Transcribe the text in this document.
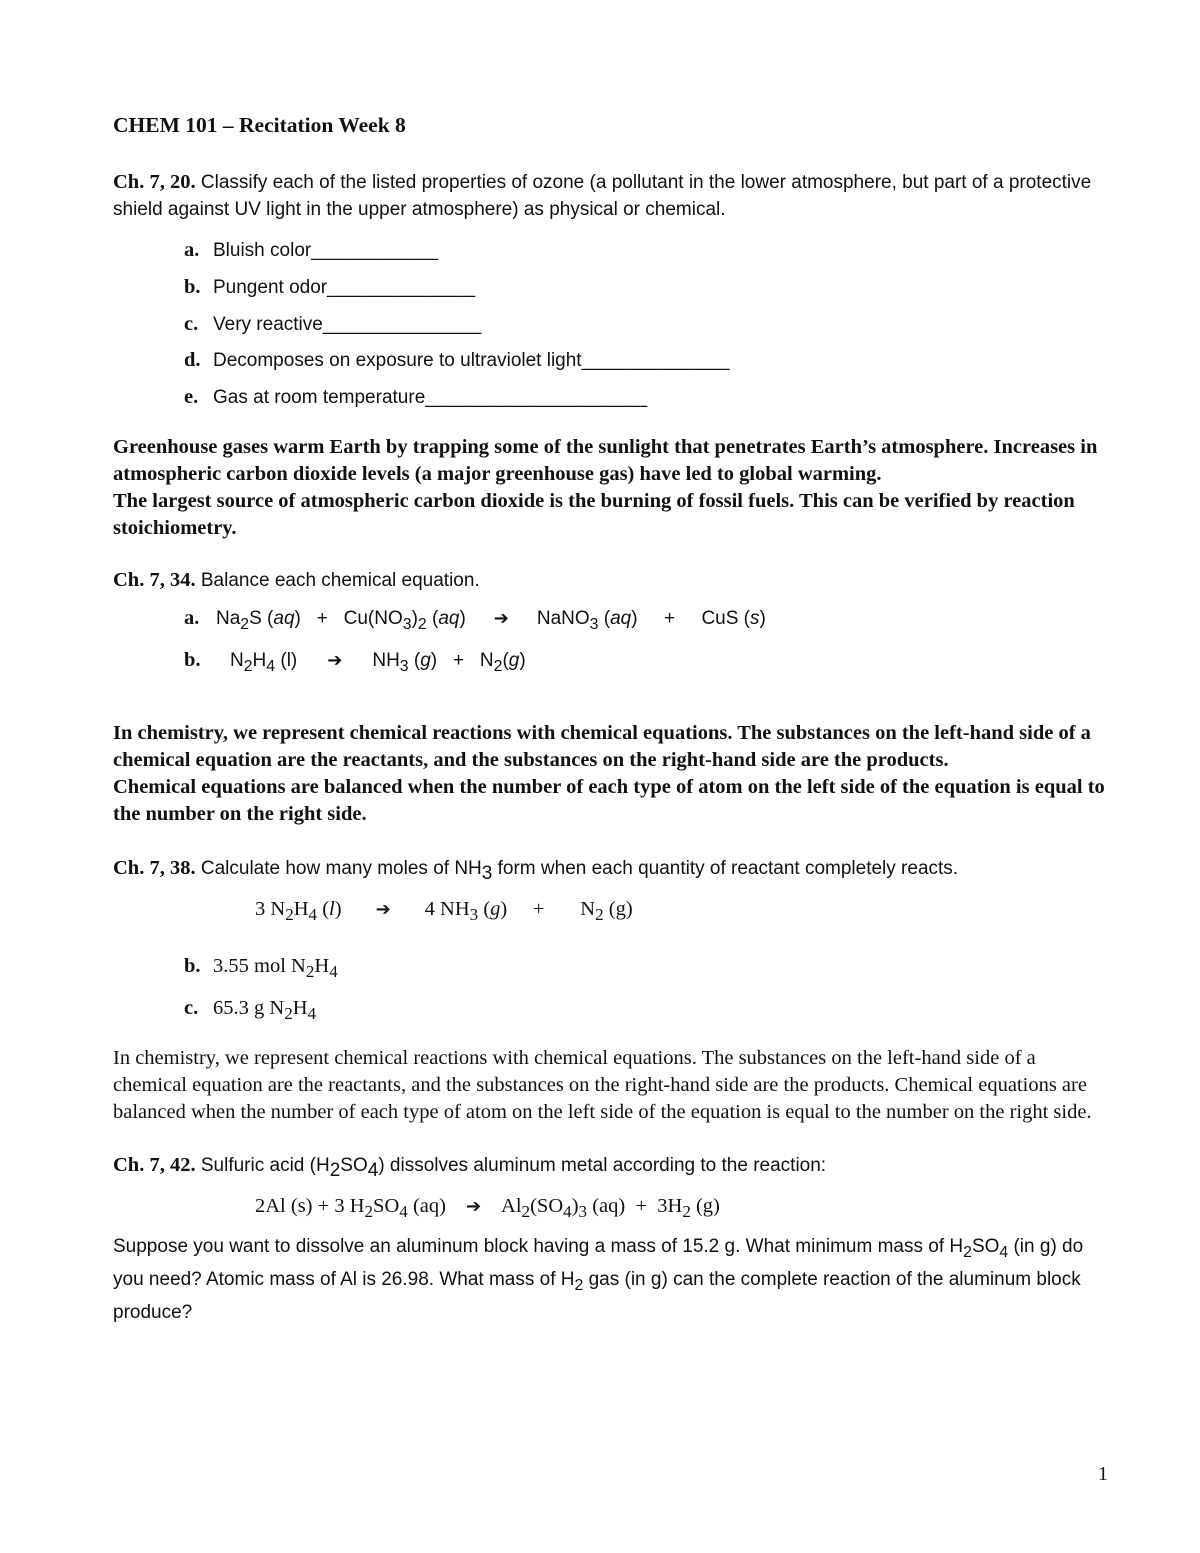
CHEM 101 – Recitation Week 8

Ch. 7, 20. Classify each of the listed properties of ozone (a pollutant in the lower atmosphere, but part of a protective shield against UV light in the upper atmosphere) as physical or chemical.

a. Bluish color____________
b. Pungent odor______________
c. Very reactive_______________
d. Decomposes on exposure to ultraviolet light______________
e. Gas at room temperature_____________________

Greenhouse gases warm Earth by trapping some of the sunlight that penetrates Earth’s atmosphere. Increases in atmospheric carbon dioxide levels (a major greenhouse gas) have led to global warming.

The largest source of atmospheric carbon dioxide is the burning of fossil fuels. This can be verified by reaction stoichiometry.

Ch. 7, 34. Balance each chemical equation.

a. $Na_2S$ $(aq) + Cu(NO_3)_2$ (aq) ➔ NaNO$_3$ (aq)     +     CuS (s)

b. $N_2H_4$ (l) ➔ $NH_3$ $(g) + N_2(g)$

In chemistry, we represent chemical reactions with chemical equations. The substances on the left-hand side of a chemical equation are the reactants, and the substances on the right-hand side are the products.

Chemical equations are balanced when the number of each type of atom on the left side of the equation is equal to the number on the right side.

Ch. 7, 38. Calculate how many moles of $NH_3$ form when each quantity of reactant completely reacts.

3 $N_2H_4$ (l) ➔ 4 $NH_3$ (g)     +       $N_2$ (g)

b. 3.55 mol $N_2H_4$
c. 65.3 g $N_2H_4$

In chemistry, we represent chemical reactions with chemical equations. The substances on the left-hand side of a chemical equation are the reactants, and the substances on the right-hand side are the products. Chemical equations are balanced when the number of each type of atom on the left side of the equation is equal to the number on the right side.

Ch. 7, 42. Sulfuric acid $(H_2SO_4)$ dissolves aluminum metal according to the reaction:

2Al (s) + 3 $H_2SO_4$ (aq) ➔ $Al_2(SO_4)_3$ $(aq) + 3H_2$ (g)

Suppose you want to dissolve an aluminum block having a mass of 15.2 g. What minimum mass of $H_2SO_4$ (in g) do you need? Atomic mass of Al is 26.98. What mass of $H_2$ gas (in g) can the complete reaction of the aluminum block produce?

1
